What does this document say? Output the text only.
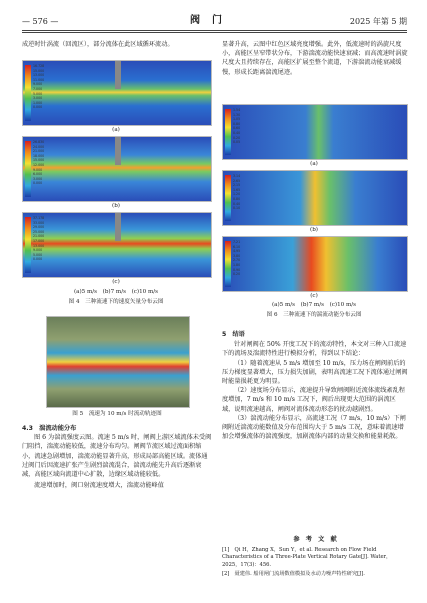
— 576 —	阀　门	2025 年第 5 期

成逆时针涡流（回流区），部分流体在此区域循环流动。

16.728
15.000
13.000
11.000
9.000
7.000
5.000
3.000
1.000
0.000
(a)
26.830
24.000
21.000
18.000
15.000
12.000
9.000
6.000
3.000
0.000
(b)
37.178
33.000
29.000
25.000
21.000
17.000
13.000
9.000
5.000
0.000
(c)
(a)5 m/s　(b)7 m/s　(c)10 m/s
图 4　三种流速下的速度矢量分布云图
图 5　流速为 10 m/s 时流动轨迹图
4.3　湍流动能分布

图 6 为湍流强度云图。流速 5 m/s 时，闸阀上游区域流体未受阀门阻挡，湍流动能较低，流速分布均匀。闸阀节流区域过流面积缩小，流速急剧增加，湍流动能显著升高，形成局部高能区域。流体通过阀门后因流速扩张产生剧烈湍流混合，湍流动能先升高后逐渐衰减，高能区域向流道中心扩散，边缘区域动能较低。

流速增加时，阀口射流速度增大，湍流动能峰值

显著升高，云图中红色区域亮度增强。此外，低流速时的涡旋尺度小，高能区呈窄带状分布，下游湍流动能快速衰减；而高流速时涡旋尺度大且持续存在，高能区扩展至整个流道，下游湍流动能衰减缓慢，形成长距离湍流尾迹。

1.54
1.30
1.05
0.80
0.60
0.40
0.20
0.05
(a)
3.14
2.65
2.15
1.65
1.20
0.80
0.40
0.10
(b)
7.21
6.10
4.95
3.80
2.70
1.80
0.90
0.20
(c)
(a)5 m/s　(b)7 m/s　(c)10 m/s
图 6　三种流速下的湍流动能分布云图
5　结语

针对闸阀在 50% 开度工况下的流动特性，本文对三种入口流速下的流场及湍流特性进行模拟分析，得到以下结论：

（1）随着流速从 5 m/s 增加至 10 m/s，压力场在闸阀前后的压力梯度显著增大，压力损失加剧，表明高流速工况下流体通过闸阀时能量损耗更为明显。

（2）速度场分布显示，流速提升导致闸阀附近流体流线紊乱程度增加，7 m/s 和 10 m/s 工况下，阀后出现更大范围的涡流区域，说明流速越高，闸阀对流体流动形态的扰动越剧烈。

（3）湍流动能分布显示，高流速工况（7 m/s，10 m/s）下闸阀附近湍流动能数值及分布范围均大于 5 m/s 工况，意味着流速增加会增强流体的湍流强度，加剧流体内部的动量交换和能量耗散。

参　考　文　献
[1]　Qi H，Zhang X，Sun Y，et al. Research on Flow Field Characteristics of a Three-Plate Vertical Rotary Gate[J]. Water，2025，17(3)：456.
[2]　聂建伟. 船用闸门流场数值模拟及水动力噪声特性研究[J].
